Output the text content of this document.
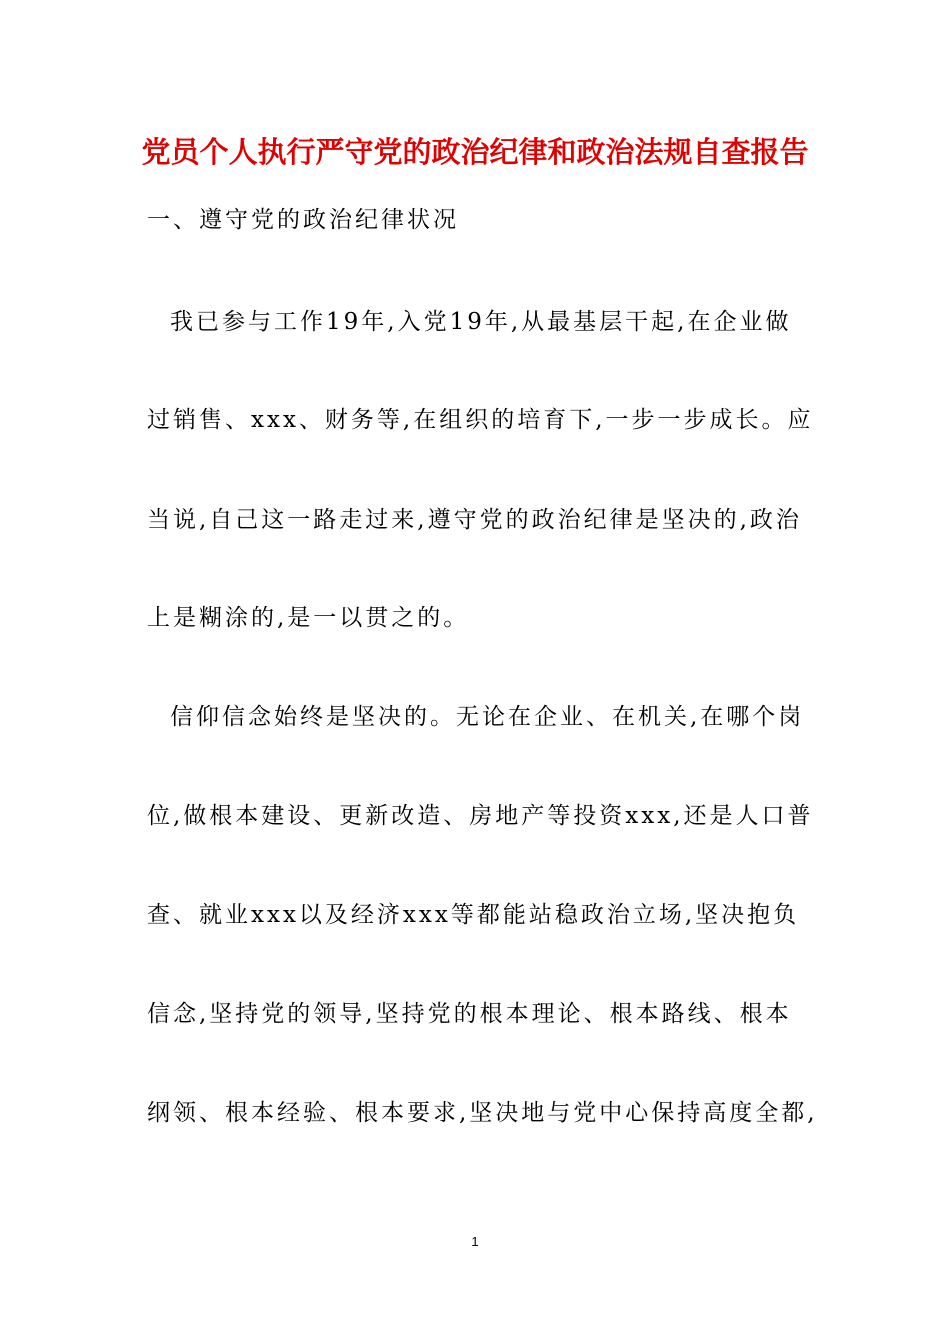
党员个人执行严守党的政治纪律和政治法规自查报告
一、遵守党的政治纪律状况
我已参与工作19年,入党19年,从最基层干起,在企业做
过销售、xxx、财务等,在组织的培育下,一步一步成长。应
当说,自己这一路走过来,遵守党的政治纪律是坚决的,政治
上是糊涂的,是一以贯之的。
信仰信念始终是坚决的。无论在企业、在机关,在哪个岗
位,做根本建设、更新改造、房地产等投资xxx,还是人口普
查、就业xxx以及经济xxx等都能站稳政治立场,坚决抱负
信念,坚持党的领导,坚持党的根本理论、根本路线、根本
纲领、根本经验、根本要求,坚决地与党中心保持高度全都,
1
